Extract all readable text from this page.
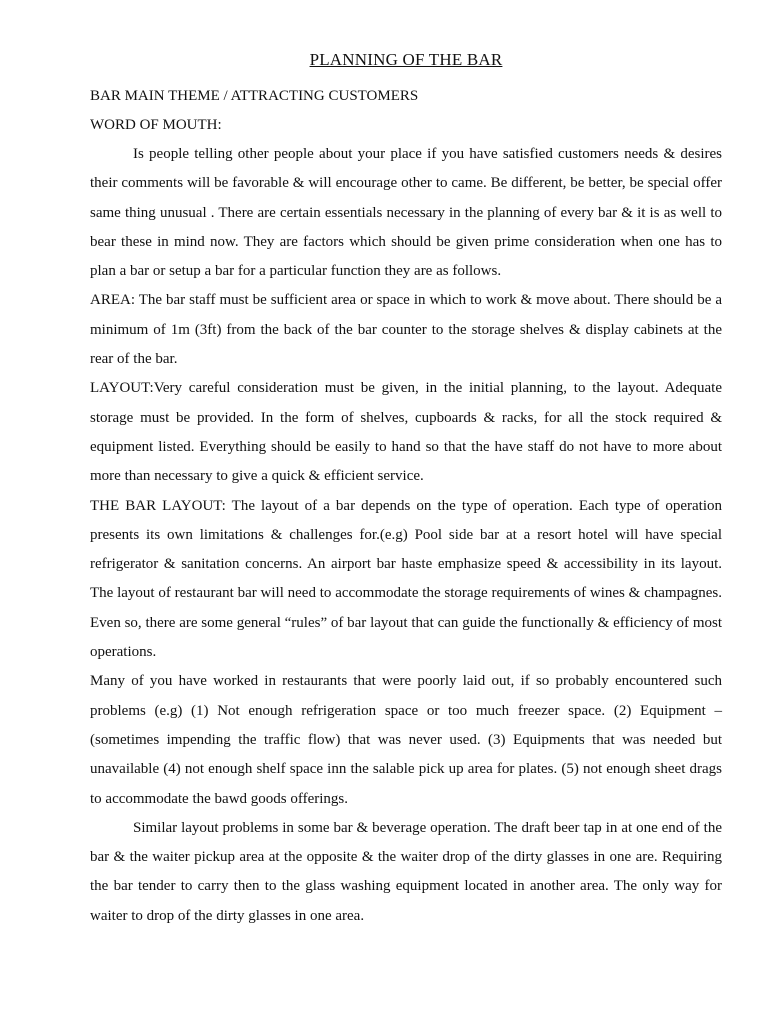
PLANNING OF THE BAR
BAR MAIN THEME / ATTRACTING CUSTOMERS
WORD OF MOUTH:

Is people telling other people about your place if you have satisfied customers needs & desires their comments will be favorable & will encourage other to came. Be different, be better, be special offer same thing unusual . There are certain essentials necessary in the planning of every bar & it is as well to bear these in mind now. They are factors which should be given prime consideration when one has to plan a bar or setup a bar for a particular function they are as follows.

AREA: The bar staff must be sufficient area or space in which to work & move about. There should be a minimum of 1m (3ft) from the back of the bar counter to the storage shelves & display cabinets at the rear of the bar.

LAYOUT:Very careful consideration must be given, in the initial planning, to the layout. Adequate storage must be provided. In the form of shelves, cupboards & racks, for all the stock required & equipment listed. Everything should be easily to hand so that the have staff do not have to more about more than necessary to give a quick & efficient service.

THE BAR LAYOUT: The layout of a bar depends on the type of operation. Each type of operation presents its own limitations & challenges for.(e.g) Pool side bar at a resort hotel will have special refrigerator & sanitation concerns. An airport bar haste emphasize speed & accessibility in its layout. The layout of restaurant bar will need to accommodate the storage requirements of wines & champagnes. Even so, there are some general “rules” of bar layout that can guide the functionally & efficiency of most operations.

Many of you have worked in restaurants that were poorly laid out, if so probably encountered such problems (e.g) (1) Not enough refrigeration space or too much freezer space. (2) Equipment – (sometimes impending the traffic flow) that was never used. (3) Equipments that was needed but unavailable (4) not enough shelf space inn the salable pick up area for plates. (5) not enough sheet drags to accommodate the bawd goods offerings.

Similar layout problems in some bar & beverage operation. The draft beer tap in at one end of the bar & the waiter pickup area at the opposite & the waiter drop of the dirty glasses in one are. Requiring the bar tender to carry then to the glass washing equipment located in another area. The only way for waiter to drop of the dirty glasses in one area.
